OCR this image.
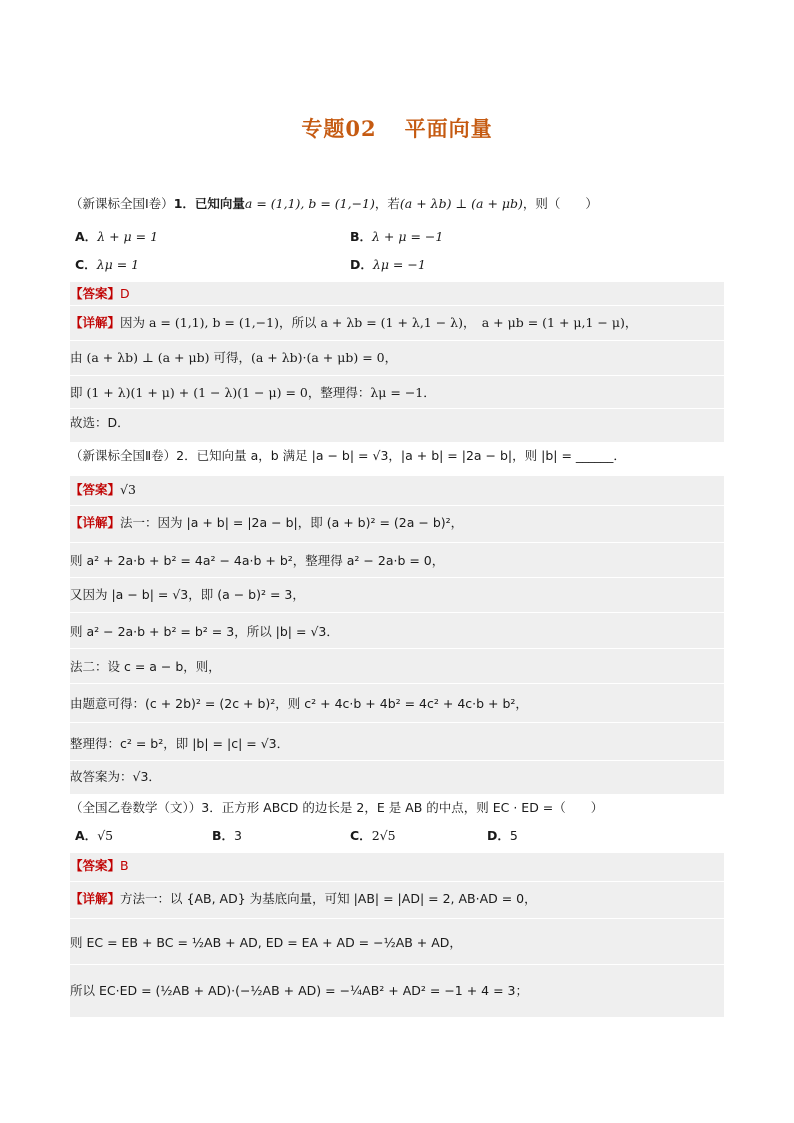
专题02 平面向量
（新课标全国Ⅰ卷）1．已知向量a = (1,1), b = (1,−1)，若(a + λb) ⊥ (a + μb)，则（　　）
A．λ + μ = 1	B．λ + μ = −1
C．λμ = 1	D．λμ = −1
【答案】D
【详解】因为 a = (1,1), b = (1,−1)，所以 a + λb = (1 + λ,1 − λ)，　a + μb = (1 + μ,1 − μ)，
由 (a + λb) ⊥ (a + μb) 可得，(a + λb)·(a + μb) = 0，
即 (1 + λ)(1 + μ) + (1 − λ)(1 − μ) = 0，整理得：λμ = −1．
故选：D．
（新课标全国Ⅱ卷）2．已知向量 a，b 满足 |a − b| = √3，|a + b| = |2a − b|，则 |b| = ______．
【答案】√3
【详解】法一：因为 |a + b| = |2a − b|，即 (a + b)² = (2a − b)²，
则 a² + 2a·b + b² = 4a² − 4a·b + b²，整理得 a² − 2a·b = 0，
又因为 |a − b| = √3，即 (a − b)² = 3，
则 a² − 2a·b + b² = b² = 3，所以 |b| = √3．
法二：设 c = a − b，则，
由题意可得：(c + 2b)² = (2c + b)²，则 c² + 4c·b + 4b² = 4c² + 4c·b + b²，
整理得：c² = b²，即 |b| = |c| = √3．
故答案为：√3．
（全国乙卷数学（文））3．正方形 ABCD 的边长是 2，E 是 AB 的中点，则 EC · ED =（　　）
A．√5	B．3	C．2√5	D．5
【答案】B
【详解】方法一：以 {AB, AD} 为基底向量，可知 |AB| = |AD| = 2, AB·AD = 0，
则 EC = EB + BC = ½AB + AD, ED = EA + AD = −½AB + AD，
所以 EC·ED = (½AB + AD)·(−½AB + AD) = −¼AB² + AD² = −1 + 4 = 3；
